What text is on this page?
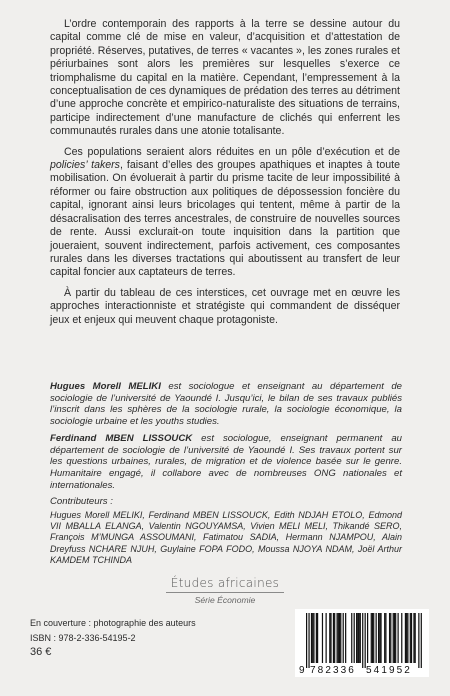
L’ordre contemporain des rapports à la terre se dessine autour du capital comme clé de mise en valeur, d’acquisition et d’attestation de propriété. Réserves, putatives, de terres « vacantes », les zones rurales et périurbaines sont alors les premières sur lesquelles s’exerce ce triomphalisme du capital en la matière. Cependant, l’empressement à la conceptualisation de ces dynamiques de prédation des terres au détriment d’une approche concrète et empirico-naturaliste des situations de terrains, participe indirectement d’une manufacture de clichés qui enferrent les communautés rurales dans une atonie totalisante.

Ces populations seraient alors réduites en un pôle d’exécution et de policies’ takers, faisant d’elles des groupes apathiques et inaptes à toute mobilisation. On évoluerait à partir du prisme tacite de leur impossibilité à réformer ou faire obstruction aux politiques de dépossession foncière du capital, ignorant ainsi leurs bricolages qui tentent, même à partir de la désacralisation des terres ancestrales, de construire de nouvelles sources de rente. Aussi exclurait-on toute inquisition dans la partition que joueraient, souvent indirectement, parfois activement, ces composantes rurales dans les diverses tractations qui aboutissent au transfert de leur capital foncier aux captateurs de terres.

À partir du tableau de ces interstices, cet ouvrage met en œuvre les approches interactionniste et stratégiste qui commandent de disséquer jeux et enjeux qui meuvent chaque protagoniste.

Hugues Morell MELIKI est sociologue et enseignant au département de sociologie de l’université de Yaoundé I. Jusqu’ici, le bilan de ses travaux publiés l’inscrit dans les sphères de la sociologie rurale, la sociologie économique, la sociologie urbaine et les youths studies.

Ferdinand MBEN LISSOUCK est sociologue, enseignant permanent au département de sociologie de l’université de Yaoundé I. Ses travaux portent sur les questions urbaines, rurales, de migration et de violence basée sur le genre. Humanitaire engagé, il collabore avec de nombreuses ONG nationales et internationales.

Contributeurs :
Hugues Morell MELIKI, Ferdinand MBEN LISSOUCK, Edith NDJAH ETOLO, Edmond VII MBALLA ELANGA, Valentin NGOUYAMSA, Vivien MELI MELI, Thikandé SERO, François M’MUNGA ASSOUMANI, Fatimatou SADIA, Hermann NJAMPOU, Alain Dreyfuss NCHARE NJUH, Guylaine FOPA FODO, Moussa NJOYA NDAM, Joël Arthur KAMDEM TCHINDA
Études africaines
Série Économie
En couverture : photographie des auteurs
ISBN : 978-2-336-54195-2
36 €
9 782336 541952
